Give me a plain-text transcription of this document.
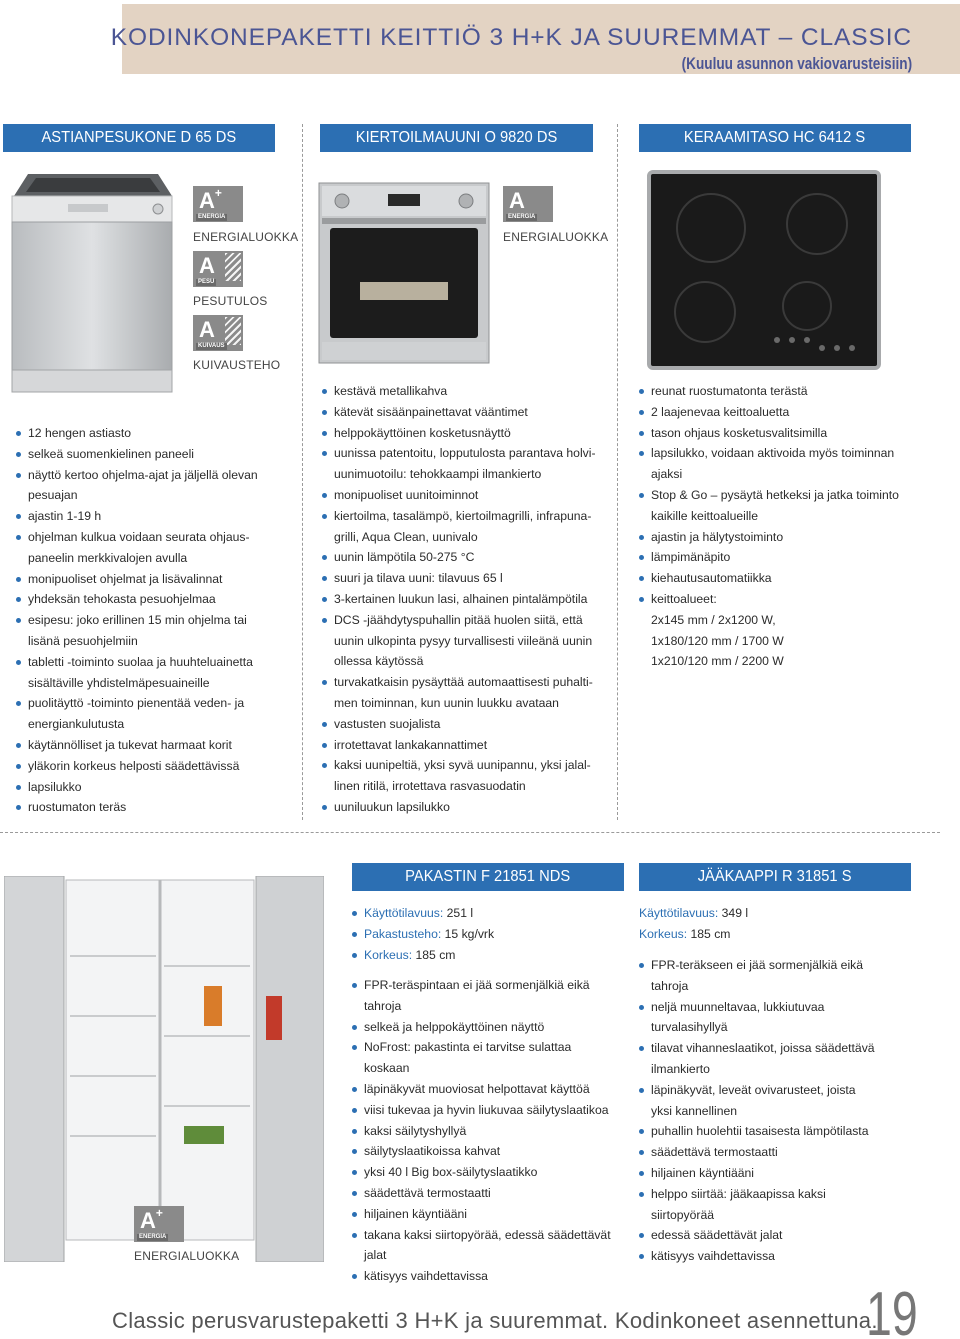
KODINKONEPAKETTI KEITTIÖ 3 H+K JA SUUREMMAT – CLASSIC
(Kuuluu asunnon vakiovarusteisiin)
ASTIANPESUKONE D 65 DS	KIERTOILMAUUNI O 9820 DS	KERAAMITASO HC 6412 S
A+
ENERGIA
ENERGIALUOKKA
A
PESU
PESUTULOS
A
KUIVAUS
KUIVAUSTEHO
A
ENERGIA
ENERGIALUOKKA
12 hengen astiasto
selkeä suomenkielinen paneeli
näyttö kertoo ohjelma-ajat ja jäljellä olevan
pesuajan
ajastin 1-19 h
ohjelman kulkua voidaan seurata ohjaus-
paneelin merkkivalojen avulla
monipuoliset ohjelmat ja lisävalinnat
yhdeksän tehokasta pesuohjelmaa
esipesu: joko erillinen 15 min ohjelma tai
lisänä pesuohjelmiin
tabletti -toiminto suolaa ja huuhteluainetta
sisältäville yhdistelmäpesuaineille
puolitäyttö -toiminto pienentää veden- ja
energiankulutusta
käytännölliset ja tukevat harmaat korit
yläkorin korkeus helposti säädettävissä
lapsilukko
ruostumaton teräs
kestävä metallikahva
kätevät sisäänpainettavat vääntimet
helppokäyttöinen kosketusnäyttö
uunissa patentoitu, lopputulosta parantava holvi-
uunimuotoilu: tehokkaampi ilmankierto
monipuoliset uunitoiminnot
kiertoilma, tasalämpö, kiertoilmagrilli, infrapuna-
grilli, Aqua Clean, uunivalo
uunin lämpötila 50-275 °C
suuri ja tilava uuni: tilavuus 65 l
3-kertainen luukun lasi, alhainen pintalämpötila
DCS -jäähdytyspuhallin pitää huolen siitä, että
uunin ulkopinta pysyy turvallisesti viileänä uunin
ollessa käytössä
turvakatkaisin pysäyttää automaattisesti puhalti-
men toiminnan, kun uunin luukku avataan
vastusten suojalista
irrotettavat lankakannattimet
kaksi uunipeltiä, yksi syvä uunipannu, yksi jalal-
linen ritilä, irrotettava rasvasuodatin
uuniluukun lapsilukko
reunat ruostumatonta terästä
2 laajenevaa keittoaluetta
tason ohjaus kosketusvalitsimilla
lapsilukko, voidaan aktivoida myös toiminnan
ajaksi
Stop & Go – pysäytä hetkeksi ja jatka toiminto
kaikille keittoalueille
ajastin ja hälytystoiminto
lämpimänäpito
kiehautusautomatiikka
keittoalueet:
2x145 mm / 2x1200 W,
1x180/120 mm / 1700 W
1x210/120 mm / 2200 W
A+
ENERGIA
ENERGIALUOKKA
PAKASTIN F 21851 NDS	JÄÄKAAPPI R 31851 S
Käyttötilavuus: 251 l
Pakastusteho: 15 kg/vrk
Korkeus: 185 cm
FPR-teräspintaan ei jää sormenjälkiä eikä
tahroja
selkeä ja helppokäyttöinen näyttö
NoFrost: pakastinta ei tarvitse sulattaa
koskaan
läpinäkyvät muoviosat helpottavat käyttöä
viisi tukevaa ja hyvin liukuvaa säilytyslaatikoa
kaksi säilytyshyllyä
säilytyslaatikoissa kahvat
yksi 40 l Big box-säilytyslaatikko
säädettävä termostaatti
hiljainen käyntiääni
takana kaksi siirtopyörää, edessä säädettävät
jalat
kätisyys vaihdettavissa
Käyttötilavuus: 349 l
Korkeus: 185 cm
FPR-teräkseen ei jää sormenjälkiä eikä
tahroja
neljä muunneltavaa, lukkiutuvaa
turvalasihyllyä
tilavat vihanneslaatikot, joissa säädettävä
ilmankierto
läpinäkyvät, leveät ovivarusteet, joista
yksi kannellinen
puhallin huolehtii tasaisesta lämpötilasta
säädettävä termostaatti
hiljainen käyntiääni
helppo siirtää: jääkaapissa kaksi
siirtopyörää
edessä säädettävät jalat
kätisyys vaihdettavissa
Classic perusvarustepaketti 3 H+K ja suuremmat. Kodinkoneet asennettuna.
19
